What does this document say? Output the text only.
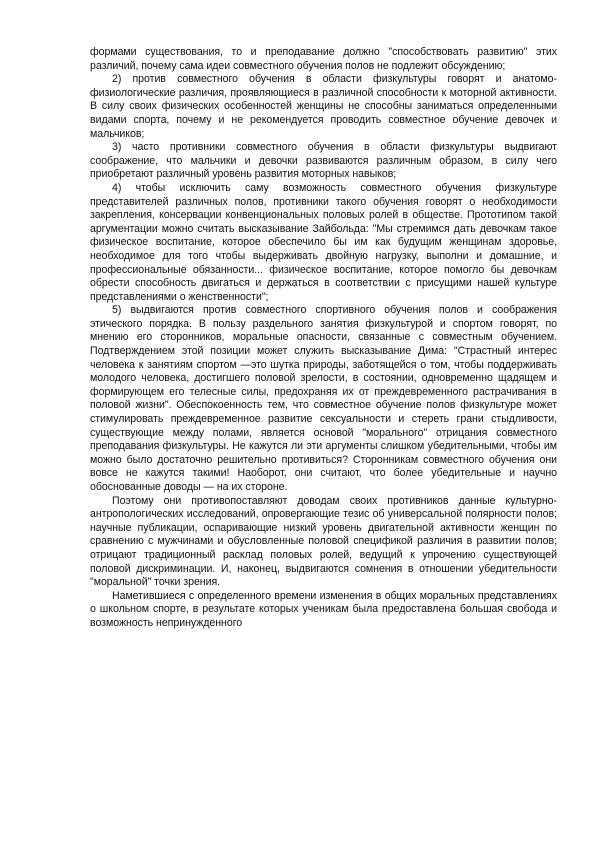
формами существования, то и преподавание должно "способствовать развитию" этих различий, почему сама идеи совместного обучения полов не подлежит обсуждению;

2) против совместного обучения в области физкультуры говорят и анатомо-физиологические различия, проявляющиеся в различной способности к моторной активности. В силу своих физических особенностей женщины не способны заниматься определенными видами спорта, почему и не рекомендуется проводить совместное обучение девочек и мальчиков;

3) часто противники совместного обучения в области физкультуры выдвигают соображение, что мальчики и девочки развиваются различным образом, в силу чего приобретают различный уровень развития моторных навыков;

4) чтобы исключить саму возможность совместного обучения физкультуре представителей различных полов, противники такого обучения говорят о необходимости закрепления, консервации конвенциональных половых ролей в обществе. Прототипом такой аргументации можно считать высказывание Зайбольда: "Мы стремимся дать девочкам такое физическое воспитание, которое обеспечило бы им как будущим женщинам здоровье, необходимое для того чтобы выдерживать двойную нагрузку, выполни и домашние, и профессиональные обязанности... физическое воспитание, которое помогло бы девочкам обрести способность двигаться и держаться в соответствии с присущими нашей культуре представлениями о женственности";

5) выдвигаются против совместного спортивного обучения полов и соображения этического порядка. В пользу раздельного занятия физкультурой и спортом говорят, по мнению его сторонников, моральные опасности, связанные с совместным обучением. Подтверждением этой позиции может служить высказывание Дима: "Страстный интерес человека к занятиям спортом —это шутка природы, заботящейся о том, чтобы поддерживать молодого человека, достигшего половой зрелости, в состоянии, одновременно щадящем и формирующем его телесные силы, предохраняя их от преждевременного растрачивания в половой жизни". Обеспокоенность тем, что совместное обучение полов физкультуре может стимулировать преждевременное развитие сексуальности и стереть грани стыдливости, существующие между полами, является основой "морального" отрицания совместного преподавания физкультуры. Не кажутся ли эти аргументы слишком убедительными, чтобы им можно было достаточно решительно противиться? Сторонникам совместного обучения они вовсе не кажутся такими! Наоборот, они считают, что более убедительные и научно обоснованные доводы — на их стороне.

Поэтому они противопоставляют доводам своих противников данные культурно-антропологических исследований, опровергающие тезис об универсальной полярности полов; научные публикации, оспаривающие низкий уровень двигательной активности женщин по сравнению с мужчинами и обусловленные половой спецификой различия в развитии полов; отрицают традиционный расклад половых ролей, ведущий к упрочению существующей половой дискриминации. И, наконец, выдвигаются сомнения в отношении убедительности "моральной" точки зрения.

Наметившиеся с определенного времени изменения в общих моральных представлениях о школьном спорте, в результате которых ученикам была предоставлена большая свобода и возможность непринужденного
